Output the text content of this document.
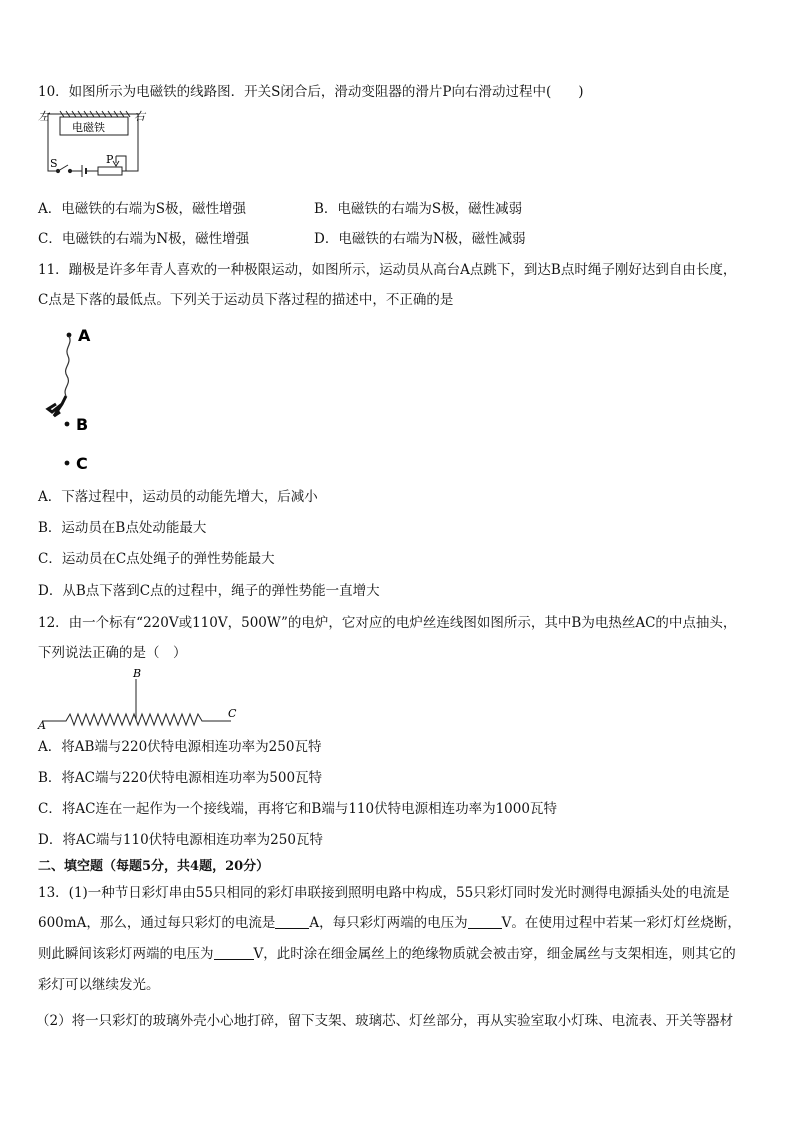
10．如图所示为电磁铁的线路图．开关S闭合后，滑动变阻器的滑片P向右滑动过程中(　　)
左	右
电磁铁
S	P
A．电磁铁的右端为S极，磁性增强	B．电磁铁的右端为S极，磁性减弱
C．电磁铁的右端为N极，磁性增强	D．电磁铁的右端为N极，磁性减弱
11．蹦极是许多年青人喜欢的一种极限运动，如图所示，运动员从高台A点跳下，到达B点时绳子刚好达到自由长度，
C点是下落的最低点。下列关于运动员下落过程的描述中，不正确的是
A
B
C
A．下落过程中，运动员的动能先增大，后减小
B．运动员在B点处动能最大
C．运动员在C点处绳子的弹性势能最大
D．从B点下落到C点的过程中，绳子的弹性势能一直增大
12．由一个标有“220V或110V，500W”的电炉，它对应的电炉丝连线图如图所示，其中B为电热丝AC的中点抽头，
下列说法正确的是（　）
B
A
C
A．将AB端与220伏特电源相连功率为250瓦特
B．将AC端与220伏特电源相连功率为500瓦特
C．将AC连在一起作为一个接线端，再将它和B端与110伏特电源相连功率为1000瓦特
D．将AC端与110伏特电源相连功率为250瓦特
二、填空题（每题5分，共4题，20分）
13．(1)一种节日彩灯串由55只相同的彩灯串联接到照明电路中构成，55只彩灯同时发光时测得电源插头处的电流是
600mA，那么，通过每只彩灯的电流是	A，每只彩灯两端的电压为	V。在使用过程中若某一彩灯灯丝烧断，
则此瞬间该彩灯两端的电压为	V，此时涂在细金属丝上的绝缘物质就会被击穿，细金属丝与支架相连，则其它的
彩灯可以继续发光。
（2）将一只彩灯的玻璃外壳小心地打碎，留下支架、玻璃芯、灯丝部分，再从实验室取小灯珠、电流表、开关等器材
